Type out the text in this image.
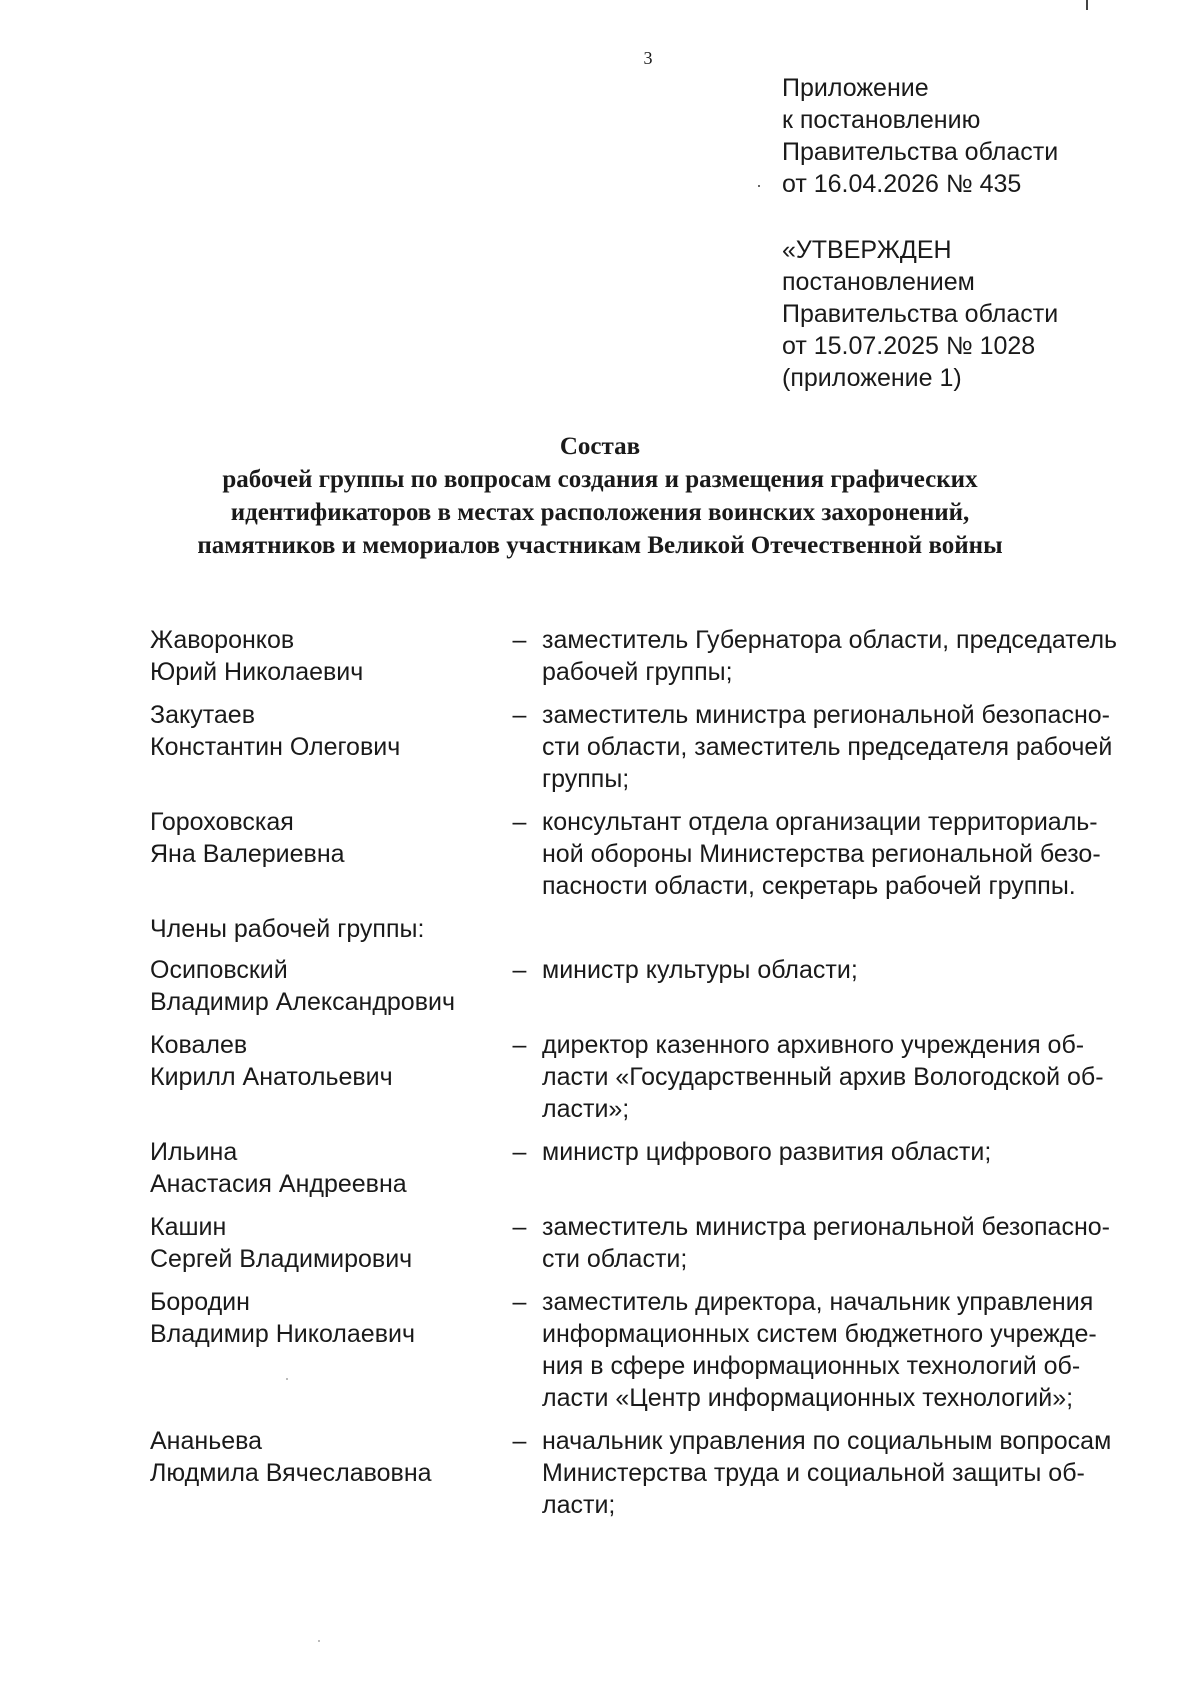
3
Приложение
к постановлению
Правительства области
от 16.04.2026 № 435
«УТВЕРЖДЕН
постановлением
Правительства области
от 15.07.2025 № 1028
(приложение 1)
Состав
рабочей группы по вопросам создания и размещения графических
идентификаторов в местах расположения воинских захоронений,
памятников и мемориалов участникам Великой Отечественной войны
Жаворонков
Юрий Николаевич
–
заместитель Губернатора области, председатель
рабочей группы;
Закутаев
Константин Олегович
–
заместитель министра региональной безопасно-
сти области, заместитель председателя рабочей
группы;
Гороховская
Яна Валериевна
–
консультант отдела организации территориаль-
ной обороны Министерства региональной безо-
пасности области, секретарь рабочей группы.
Члены рабочей группы:
Осиповский
Владимир Александрович
–
министр культуры области;
Ковалев
Кирилл Анатольевич
–
директор казенного архивного учреждения об-
ласти «Государственный архив Вологодской об-
ласти»;
Ильина
Анастасия Андреевна
–
министр цифрового развития области;
Кашин
Сергей Владимирович
–
заместитель министра региональной безопасно-
сти области;
Бородин
Владимир Николаевич
–
заместитель директора, начальник управления
информационных систем бюджетного учрежде-
ния в сфере информационных технологий об-
ласти «Центр информационных технологий»;
Ананьева
Людмила Вячеславовна
–
начальник управления по социальным вопросам
Министерства труда и социальной защиты об-
ласти;
